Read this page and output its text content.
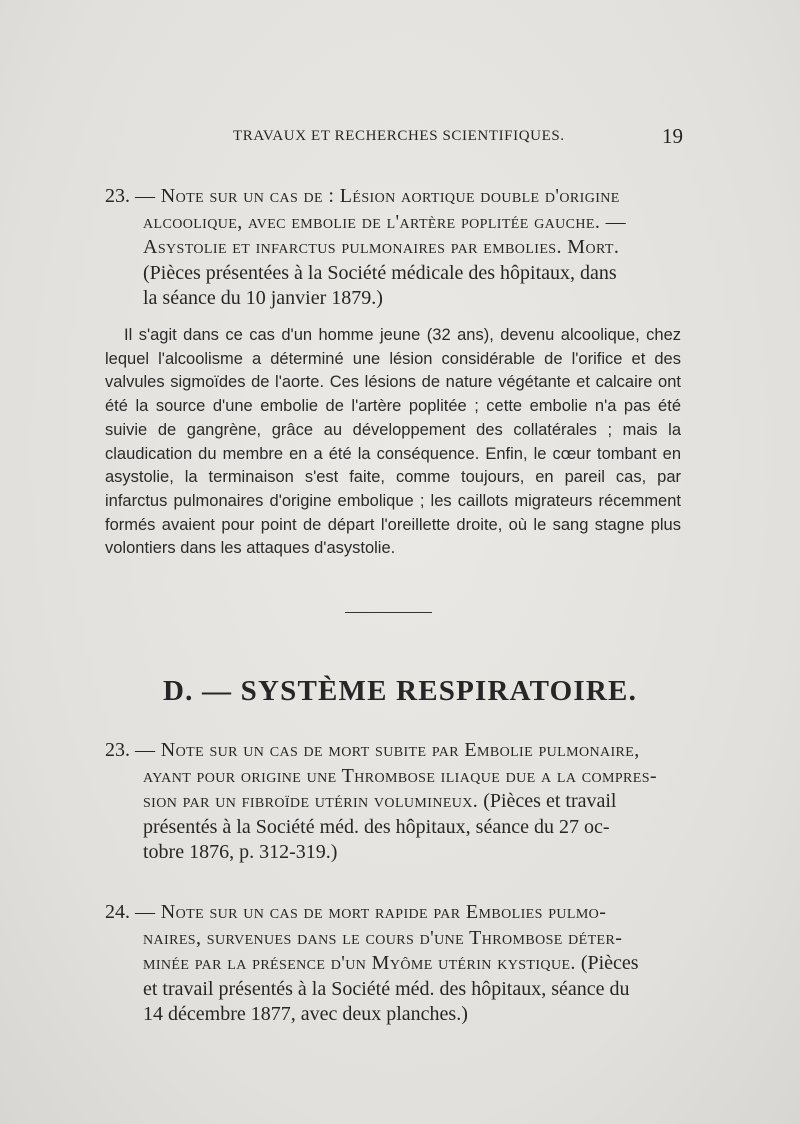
TRAVAUX ET RECHERCHES SCIENTIFIQUES.	19
23. — Note sur un cas de : Lésion aortique double d'origine
alcoolique, avec embolie de l'artère poplitée gauche. —
Asystolie et infarctus pulmonaires par embolies. Mort.
(Pièces présentées à la Société médicale des hôpitaux, dans
la séance du 10 janvier 1879.)
Il s'agit dans ce cas d'un homme jeune (32 ans), devenu alcoolique, chez lequel l'alcoolisme a déterminé une lésion considérable de l'orifice et des valvules sigmoïdes de l'aorte. Ces lésions de nature végétante et calcaire ont été la source d'une embolie de l'artère poplitée ; cette embolie n'a pas été suivie de gangrène, grâce au développement des collatérales ; mais la claudication du membre en a été la conséquence. Enfin, le cœur tombant en asystolie, la terminaison s'est faite, comme toujours, en pareil cas, par infarctus pulmonaires d'origine embolique ; les caillots migrateurs récemment formés avaient pour point de départ l'oreillette droite, où le sang stagne plus volontiers dans les attaques d'asystolie.
D. — SYSTÈME RESPIRATOIRE.
23. — Note sur un cas de mort subite par Embolie pulmonaire,
ayant pour origine une Thrombose iliaque due a la compres-
sion par un fibroïde utérin volumineux. (Pièces et travail
présentés à la Société méd. des hôpitaux, séance du 27 oc-
tobre 1876, p. 312-319.)
24. — Note sur un cas de mort rapide par Embolies pulmo-
naires, survenues dans le cours d'une Thrombose déter-
minée par la présence d'un Myôme utérin kystique. (Pièces
et travail présentés à la Société méd. des hôpitaux, séance du
14 décembre 1877, avec deux planches.)
